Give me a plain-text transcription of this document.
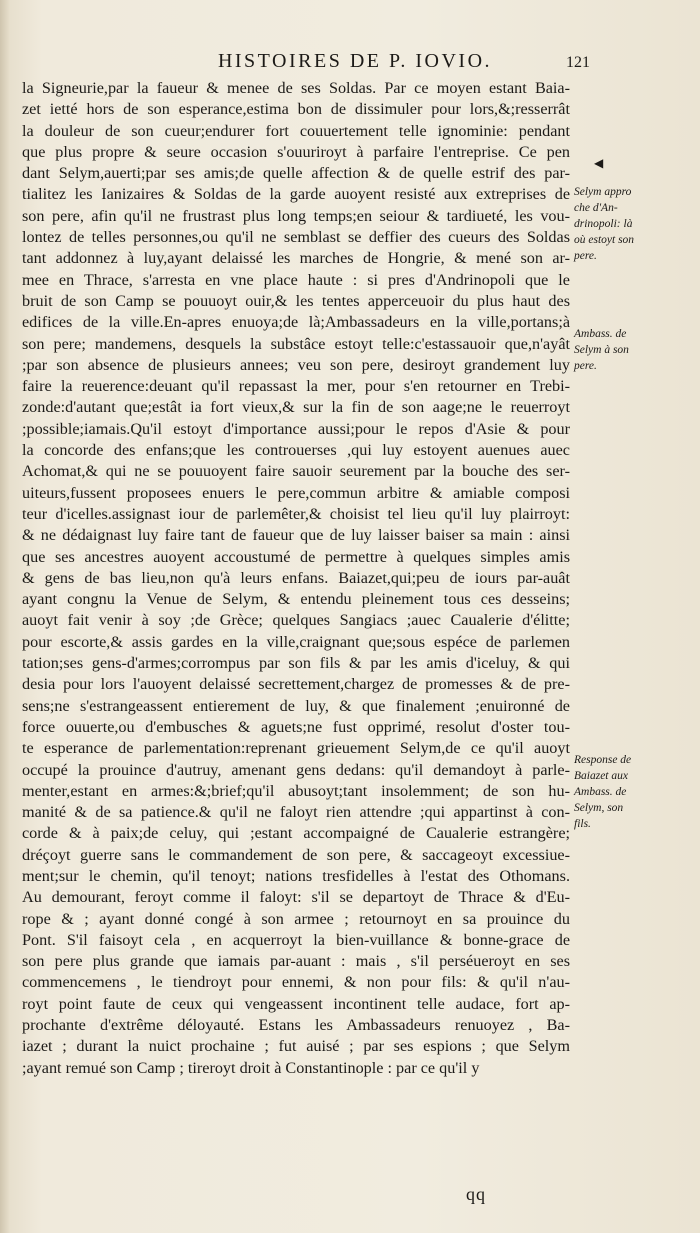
HISTOIRES DE P. IOVIO.	121
la Signeurie,par la faueur & menee de ses Soldas. Par ce moyen estant Baia-
zet ietté hors de son esperance,estima bon de dissimuler pour lors,&;resserrât
la douleur de son cueur;endurer fort couuertement telle ignominie: pendant
que plus propre & seure occasion s'ouuriroyt à parfaire l'entreprise. Ce pen
dant Selym,auerti;par ses amis;de quelle affection & de quelle estrif des par-
tialitez les Ianizaires & Soldas de la garde auoyent resisté aux extreprises de
son pere, afin qu'il ne frustrast plus long temps;en seiour & tardiueté, les vou-
lontez de telles personnes,ou qu'il ne semblast se deffier des cueurs des Soldas
tant addonnez à luy,ayant delaissé les marches de Hongrie, & mené son ar-
mee en Thrace, s'arresta en vne place haute : si pres d'Andrinopoli que le
bruit de son Camp se pouuoyt ouir,& les tentes apperceuoir du plus haut des
edifices de la ville.En-apres enuoya;de là;Ambassadeurs en la ville,portans;à
son pere; mandemens, desquels la substâce estoyt telle:c'estassauoir que,n'ayât
;par son absence de plusieurs annees; veu son pere, desiroyt grandement luy
faire la reuerence:deuant qu'il repassast la mer, pour s'en retourner en Trebi-
zonde:d'autant que;estât ia fort vieux,& sur la fin de son aage;ne le reuerroyt
;possible;iamais.Qu'il estoyt d'importance aussi;pour le repos d'Asie & pour
la concorde des enfans;que les controuerses ,qui luy estoyent auenues auec
Achomat,& qui ne se pouuoyent faire sauoir seurement par la bouche des ser-
uiteurs,fussent proposees enuers le pere,commun arbitre & amiable composi
teur d'icelles.assignast iour de parlemêter,& choisist tel lieu qu'il luy plairroyt:
& ne dédaignast luy faire tant de faueur que de luy laisser baiser sa main : ainsi
que ses ancestres auoyent accoustumé de permettre à quelques simples amis
& gens de bas lieu,non qu'à leurs enfans. Baiazet,qui;peu de iours par-auât
ayant congnu la Venue de Selym, & entendu pleinement tous ces desseins;
auoyt fait venir à soy ;de Grèce; quelques Sangiacs ;auec Caualerie d'élitte;
pour escorte,& assis gardes en la ville,craignant que;sous espéce de parlemen
tation;ses gens-d'armes;corrompus par son fils & par les amis d'iceluy, & qui
desia pour lors l'auoyent delaissé secrettement,chargez de promesses & de pre-
sens;ne s'estrangeassent entierement de luy, & que finalement ;enuironné de
force ouuerte,ou d'embusches & aguets;ne fust opprimé, resolut d'oster tou-
te esperance de parlementation:reprenant grieuement Selym,de ce qu'il auoyt
occupé la prouince d'autruy, amenant gens dedans: qu'il demandoyt à parle-
menter,estant en armes:&;brief;qu'il abusoyt;tant insolemment; de son hu-
manité & de sa patience.& qu'il ne faloyt rien attendre ;qui appartinst à con-
corde & à paix;de celuy, qui ;estant accompaigné de Caualerie estrangère;
dréçoyt guerre sans le commandement de son pere, & saccageoyt excessiue-
ment;sur le chemin, qu'il tenoyt; nations tresfidelles à l'estat des Othomans.
Au demourant, feroyt comme il faloyt: s'il se departoyt de Thrace & d'Eu-
rope & ; ayant donné congé à son armee ; retournoyt en sa prouince du
Pont. S'il faisoyt cela , en acquerroyt la bien-vuillance & bonne-grace de
son pere plus grande que iamais par-auant : mais , s'il perséueroyt en ses
commencemens , le tiendroyt pour ennemi, & non pour fils: & qu'il n'au-
royt point faute de ceux qui vengeassent incontinent telle audace, fort ap-
prochante d'extrême déloyauté. Estans les Ambassadeurs renuoyez , Ba-
iazet ; durant la nuict prochaine ; fut auisé ; par ses espions ; que Selym
;ayant remué son Camp ; tireroyt droit à Constantinople : par ce qu'il y
◀
Selym appro
che d'An-
drinopoli: là
où estoyt son
pere.
Ambass. de
Selym à son
pere.
Response de
Baiazet aux
Ambass. de
Selym, son
fils.
qq
